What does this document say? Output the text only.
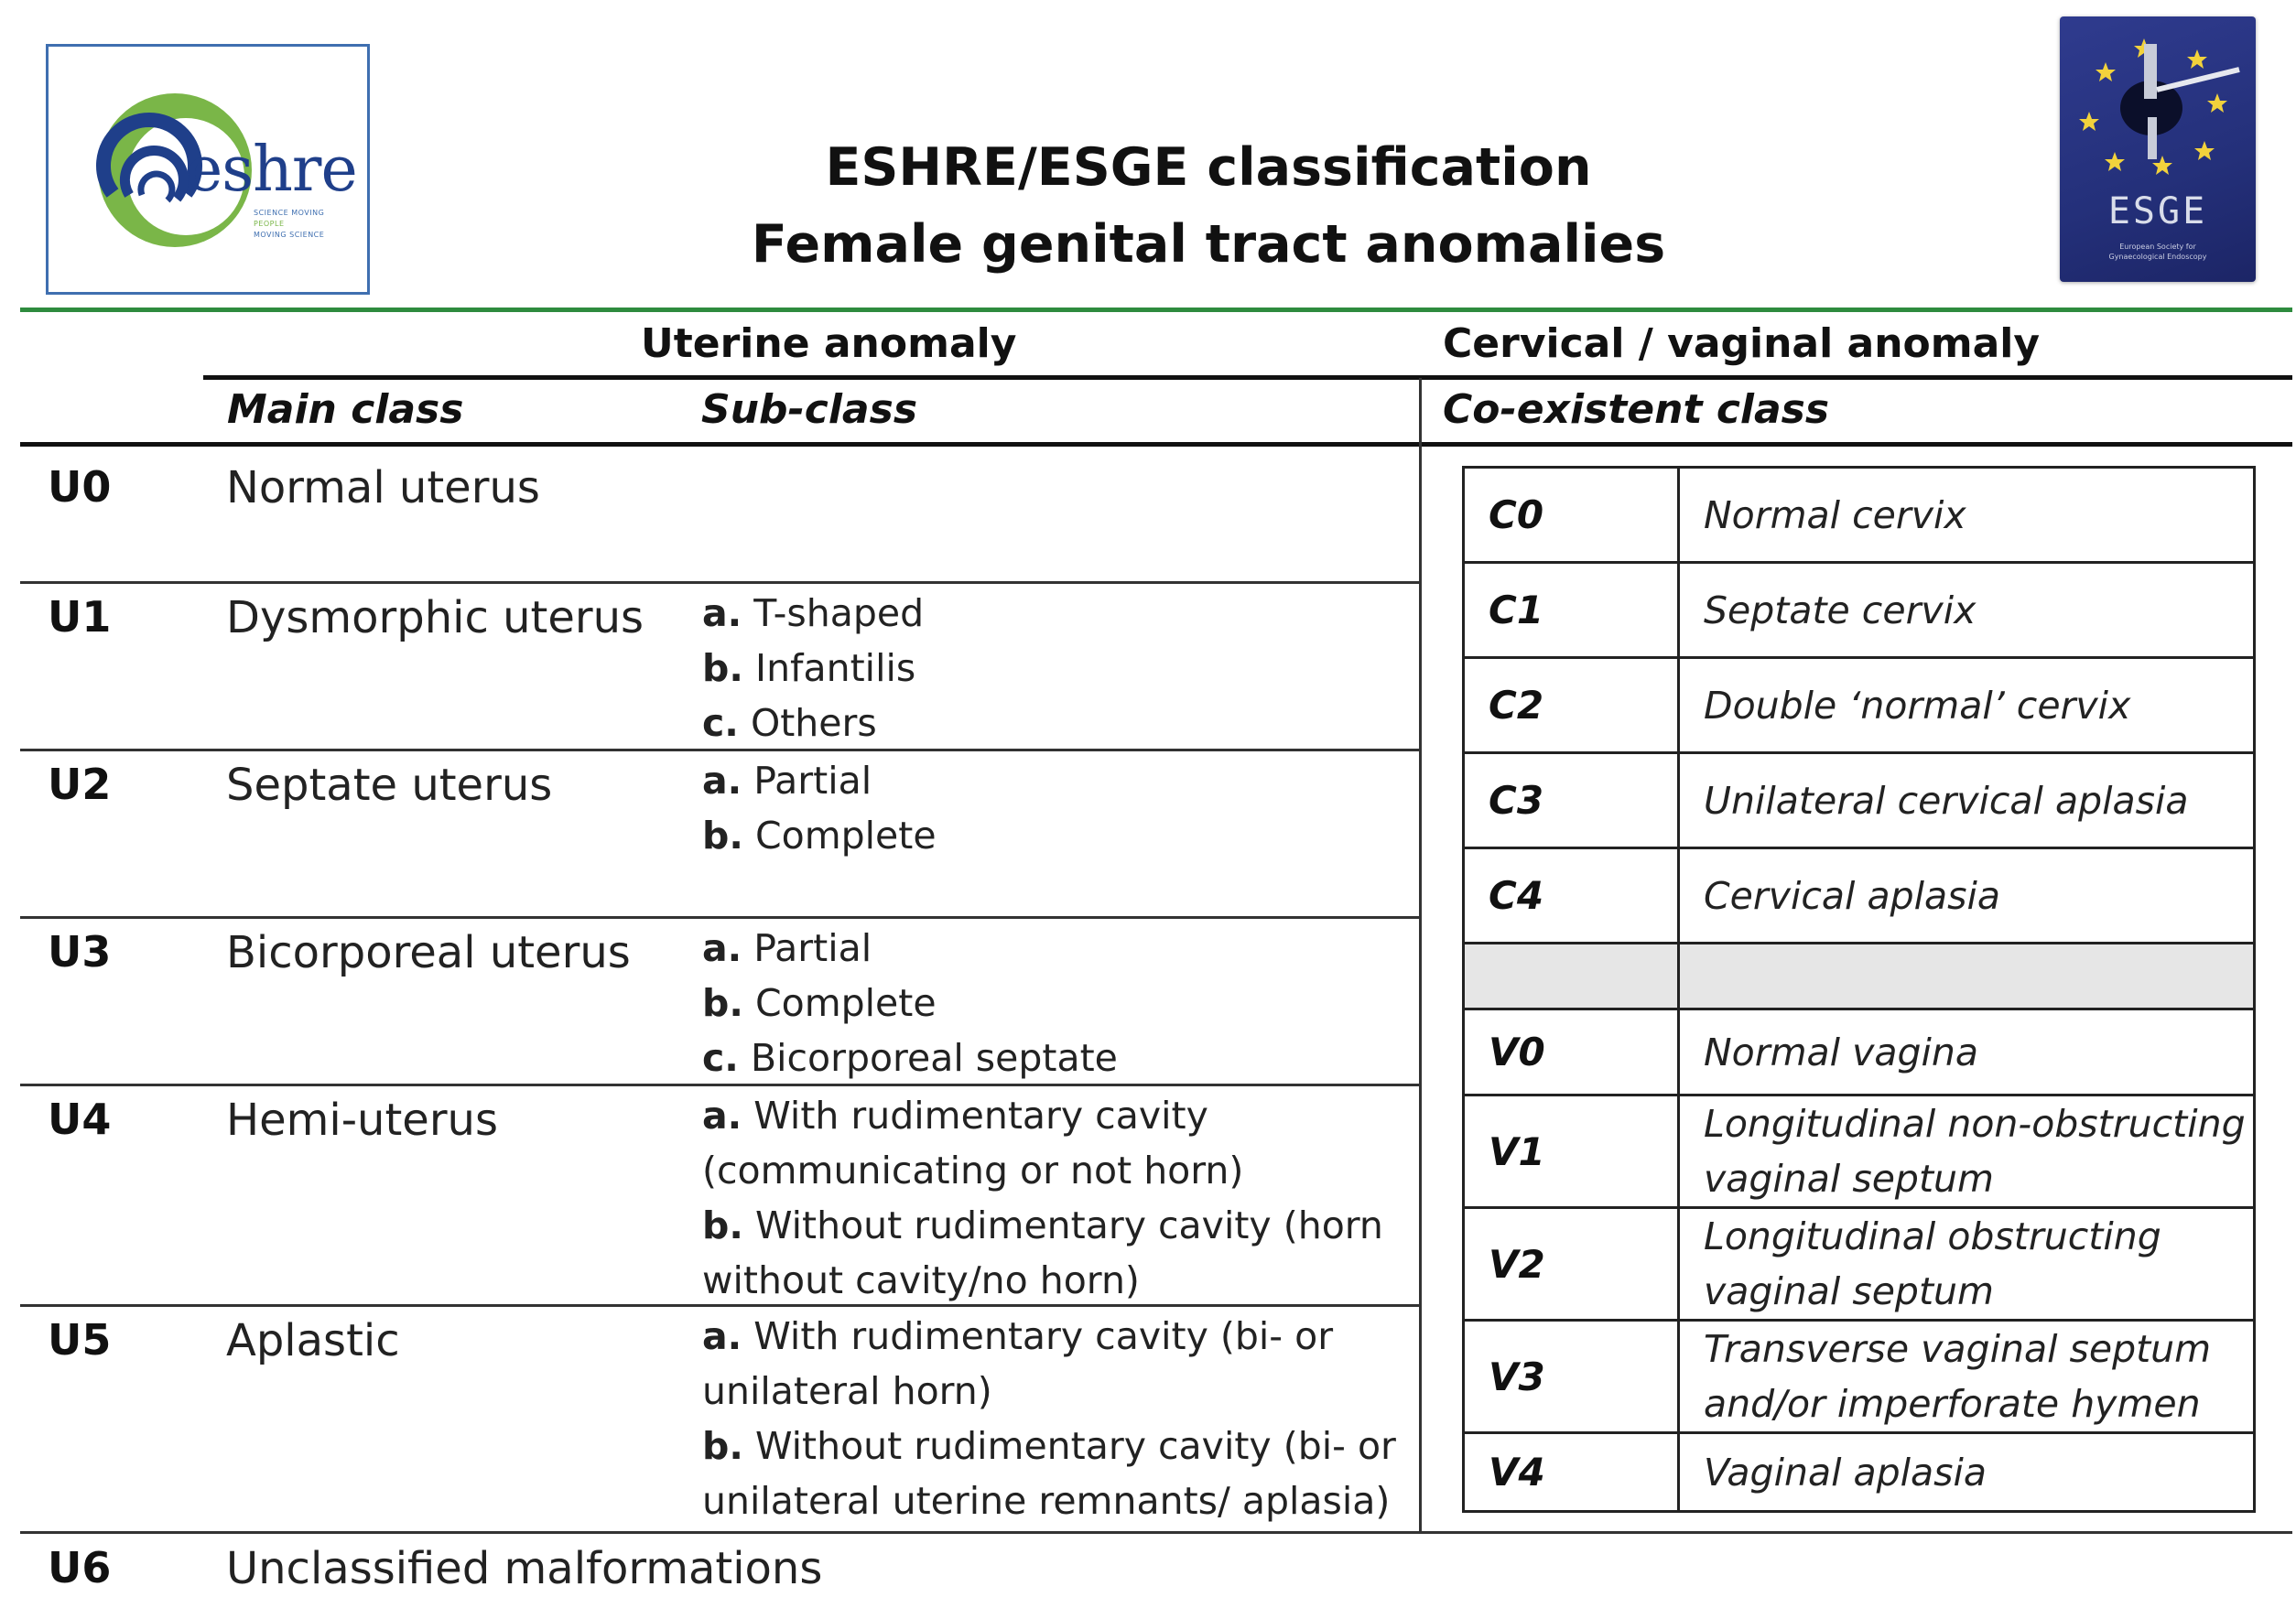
eshre
SCIENCE MOVING
PEOPLE
MOVING SCIENCE
ESHRE/ESGE classification
Female genital tract anomalies
ESGE
European Society for
Gynaecological Endoscopy
Uterine anomaly	Cervical / vaginal anomaly
Main class	Sub-class	Co-existent class
U0	Normal uterus
U1	Dysmorphic uterus a. T-shaped
b. Infantilis
c. Others
U2	Septate uterus	a. Partial
b. Complete
U3	Bicorporeal uterus a. Partial
b. Complete
c. Bicorporeal septate
U4	Hemi-uterus	a. With rudimentary cavity
(communicating or not horn)
b. Without rudimentary cavity (horn
without cavity/no horn)
U5	Aplastic	a. With rudimentary cavity (bi- or
unilateral horn)
b. Without rudimentary cavity (bi- or
unilateral uterine remnants/ aplasia)
U6	Unclassified malformations
C0	Normal cervix
C1	Septate cervix
C2	Double ‘normal’ cervix
C3	Unilateral cervical aplasia
C4	Cervical aplasia

V0	Normal vagina
V1	Longitudinal non-obstructing
vaginal septum

V2	Longitudinal obstructing
vaginal septum

V3	Transverse vaginal septum
and/or imperforate hymen

V4	Vaginal aplasia
